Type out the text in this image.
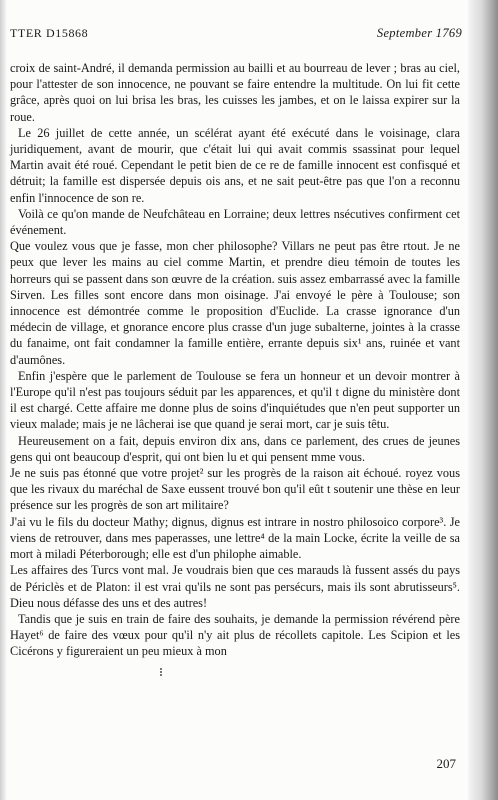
TTER D15868	September 1769

croix de saint-André, il demanda permission au bailli et au bourreau de lever ; bras au ciel, pour l'attester de son innocence, ne pouvant se faire entendre la multitude. On lui fit cette grâce, après quoi on lui brisa les bras, les cuisses les jambes, et on le laissa expirer sur la roue.

Le 26 juillet de cette année, un scélérat ayant été exécuté dans le voisinage, clara juridiquement, avant de mourir, que c'était lui qui avait commis ssassinat pour lequel Martin avait été roué. Cependant le petit bien de ce re de famille innocent est confisqué et détruit; la famille est dispersée depuis ois ans, et ne sait peut-être pas que l'on a reconnu enfin l'innocence de son re.

Voilà ce qu'on mande de Neufchâteau en Lorraine; deux lettres nsécutives confirment cet événement.

Que voulez vous que je fasse, mon cher philosophe? Villars ne peut pas être rtout. Je ne peux que lever les mains au ciel comme Martin, et prendre dieu témoin de toutes les horreurs qui se passent dans son œuvre de la création. suis assez embarrassé avec la famille Sirven. Les filles sont encore dans mon oisinage. J'ai envoyé le père à Toulouse; son innocence est démontrée comme le proposition d'Euclide. La crasse ignorance d'un médecin de village, et gnorance encore plus crasse d'un juge subalterne, jointes à la crasse du fanaime, ont fait condamner la famille entière, errante depuis six¹ ans, ruinée et vant d'aumônes.

Enfin j'espère que le parlement de Toulouse se fera un honneur et un devoir montrer à l'Europe qu'il n'est pas toujours séduit par les apparences, et qu'il t digne du ministère dont il est chargé. Cette affaire me donne plus de soins d'inquiétudes que n'en peut supporter un vieux malade; mais je ne lâcherai ise que quand je serai mort, car je suis têtu.

Heureusement on a fait, depuis environ dix ans, dans ce parlement, des crues de jeunes gens qui ont beaucoup d'esprit, qui ont bien lu et qui pensent mme vous.

Je ne suis pas étonné que votre projet² sur les progrès de la raison ait échoué. royez vous que les rivaux du maréchal de Saxe eussent trouvé bon qu'il eût t soutenir une thèse en leur présence sur les progrès de son art militaire?

J'ai vu le fils du docteur Mathy; dignus, dignus est intrare in nostro philosoico corpore³. Je viens de retrouver, dans mes paperasses, une lettre⁴ de la main Locke, écrite la veille de sa mort à miladi Péterborough; elle est d'un philophe aimable.

Les affaires des Turcs vont mal. Je voudrais bien que ces marauds là fussent assés du pays de Périclès et de Platon: il est vrai qu'ils ne sont pas persécurs, mais ils sont abrutisseurs⁵. Dieu nous défasse des uns et des autres!

Tandis que je suis en train de faire des souhaits, je demande la permission révérend père Hayet⁶ de faire des vœux pour qu'il n'y ait plus de récollets capitole. Les Scipion et les Cicérons y figureraient un peu mieux à mon

207
